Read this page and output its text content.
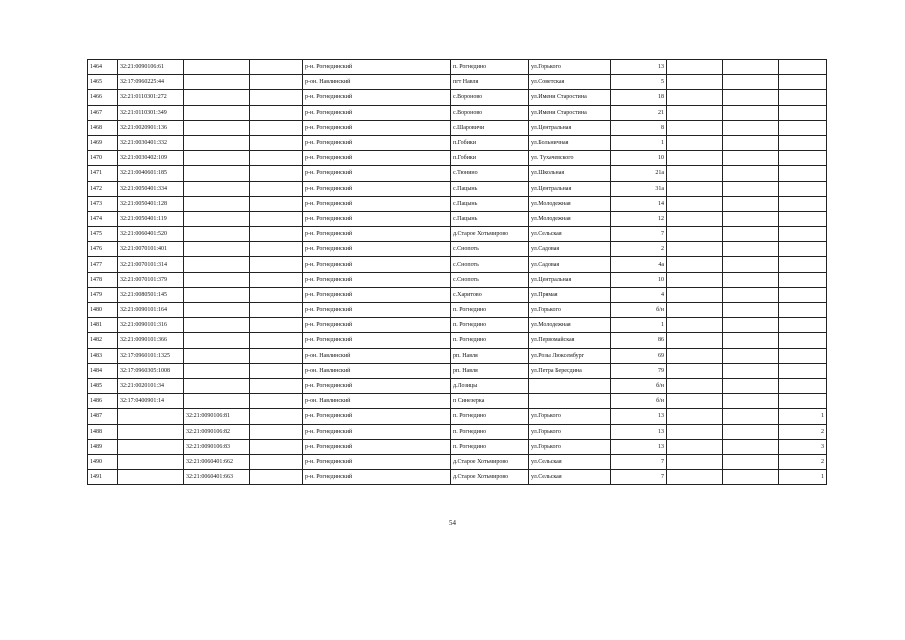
1464	32:21:0090106:61			р-н. Рогнединский	п. Рогнедино	ул.Горького	13			
1465	32:17:0960225:44			р-он. Навлинский	пгт Навля	ул.Советская	5			
1466	32:21:0110301:272			р-н. Рогнединский	с.Вороново	ул.Имени Старостина	18			
1467	32:21:0110301:349			р-н. Рогнединский	с.Вороново	ул.Имени Старостина	21			
1468	32:21:0020901:136			р-н. Рогнединский	с.Шаровичи	ул.Центральная	8			
1469	32:21:0030401:332			р-н. Рогнединский	п.Гобики	ул.Больничная	1			
1470	32:21:0030402:109			р-н. Рогнединский	п.Гобики	ул. Тухачевского	10			
1471	32:21:0040601:185			р-н. Рогнединский	с.Тюнино	ул.Школьная	21а			
1472	32:21:0050401:334			р-н. Рогнединский	с.Пацынь	ул.Центральная	31а			
1473	32:21:0050401:128			р-н. Рогнединский	с.Пацынь	ул.Молодежная	14			
1474	32:21:0050401:119			р-н. Рогнединский	с.Пацынь	ул.Молодежная	12			
1475	32:21:0060401:520			р-н. Рогнединский	д.Старое Хотьмирово	ул.Сельская	7			
1476	32:21:0070101:401			р-н. Рогнединский	с.Снопоть	ул.Садовая	2			
1477	32:21:0070101:314			р-н. Рогнединский	с.Снопоть	ул.Садовая	4а			
1478	32:21:0070101:379			р-н. Рогнединский	с.Снопоть	ул.Центральная	10			
1479	32:21:0080501:145			р-н. Рогнединский	с.Харитово	ул.Прямая	4			
1480	32:21:0090101:164			р-н. Рогнединский	п. Рогнедино	ул.Горького	б/н			
1481	32:21:0090101:316			р-н. Рогнединский	п. Рогнедино	ул.Молодежная	1			
1482	32:21:0090101:366			р-н. Рогнединский	п. Рогнедино	ул.Первомайская	86			
1483	32:17:0960101:1325			р-он. Навлинский	рп. Навля	ул.Розы Люксембург	69			
1484	32:17:0960305:1008			р-он. Навлинский	рп. Навля	ул.Петра Бересдина	79			
1485	32:21:0020101:34			р-н. Рогнединский	д.Лозицы		б/н			
1486	32:17:0400901:14			р-он. Навлинский	п Синезерка		б/н			
1487		32:21:0090106:81		р-н. Рогнединский	п. Рогнедино	ул.Горького	13			1
1488		32:21:0090106:82		р-н. Рогнединский	п. Рогнедино	ул.Горького	13			2
1489		32:21:0090106:83		р-н. Рогнединский	п. Рогнедино	ул.Горького	13			3
1490		32:21:0060401:662		р-н. Рогнединский	д.Старое Хотьмирово	ул.Сельская	7			2
1491		32:21:0060401:663		р-н. Рогнединский	д.Старое Хотьмирово	ул.Сельская	7			1
54
